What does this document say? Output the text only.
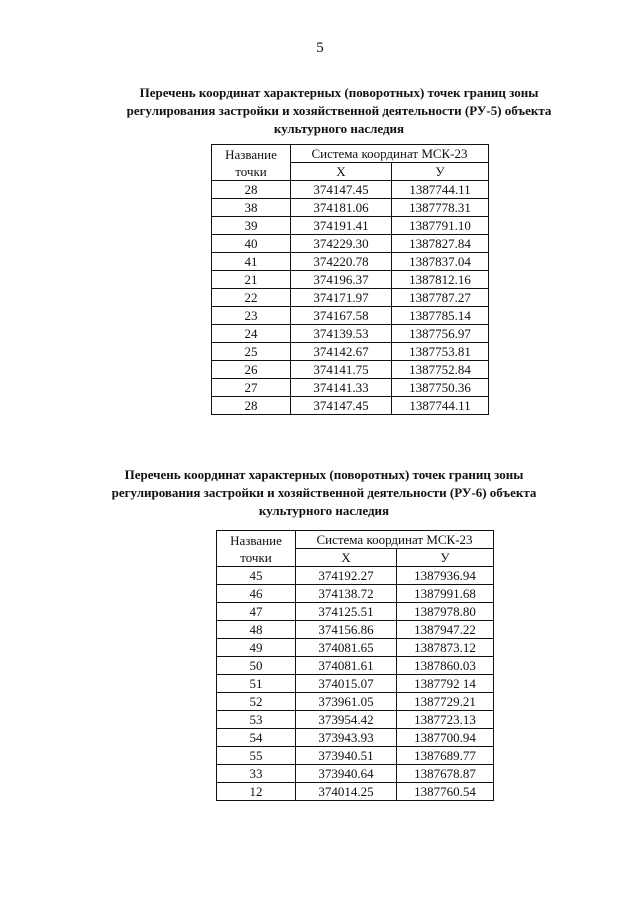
5

Перечень координат характерных (поворотных) точек границ зоны
регулирования застройки и хозяйственной деятельности (РУ-5) объекта
культурного наследия

Название
точки	Система координат МСК-23	
	X	У
28	374147.45	1387744.11
38	374181.06	1387778.31
39	374191.41	1387791.10
40	374229.30	1387827.84
41	374220.78	1387837.04
21	374196.37	1387812.16
22	374171.97	1387787.27
23	374167.58	1387785.14
24	374139.53	1387756.97
25	374142.67	1387753.81
26	374141.75	1387752.84
27	374141.33	1387750.36
28	374147.45	1387744.11

Перечень координат характерных (поворотных) точек границ зоны
регулирования застройки и хозяйственной деятельности (РУ-6) объекта
культурного наследия

Название
точки	Система координат МСК-23	
	X	У
45	374192.27	1387936.94
46	374138.72	1387991.68
47	374125.51	1387978.80
48	374156.86	1387947.22
49	374081.65	1387873.12
50	374081.61	1387860.03
51	374015.07	1387792 14
52	373961.05	1387729.21
53	373954.42	1387723.13
54	373943.93	1387700.94
55	373940.51	1387689.77
33	373940.64	1387678.87
12	374014.25	1387760.54
